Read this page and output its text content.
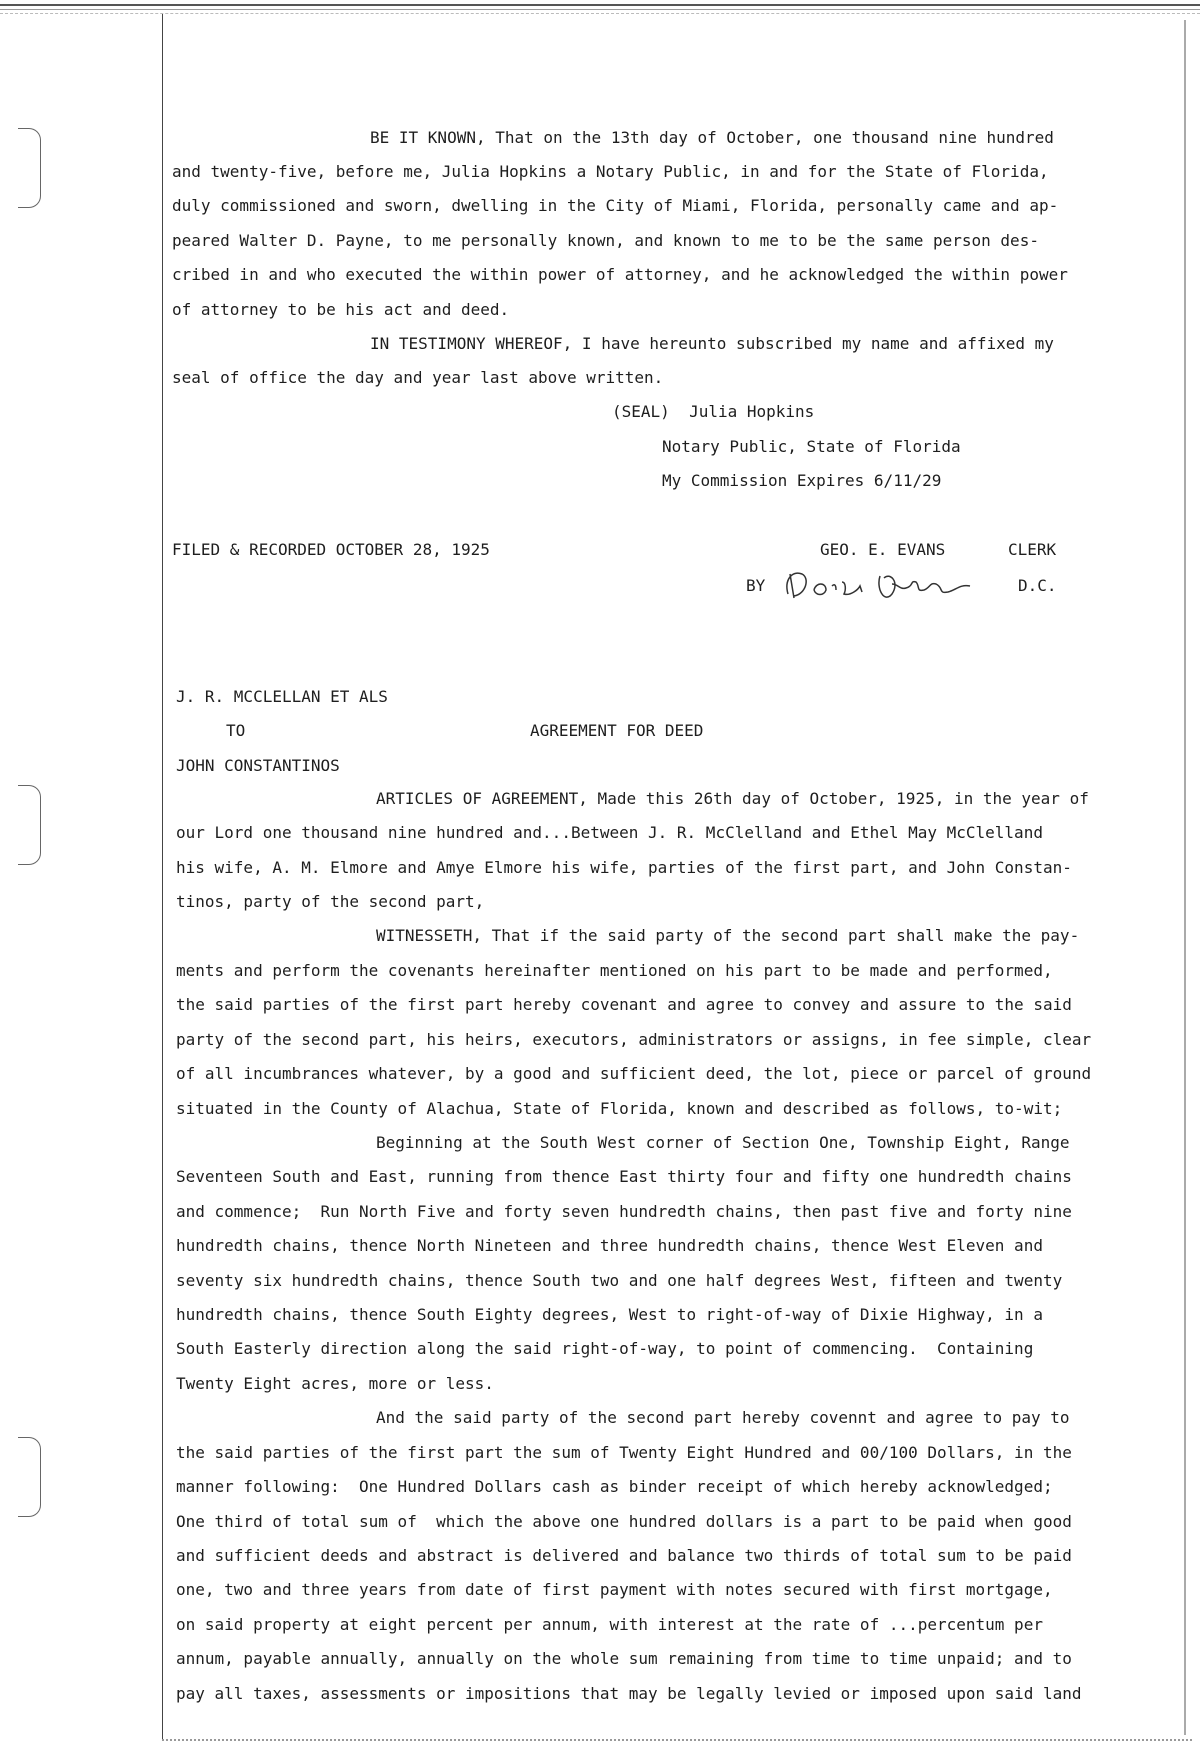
BE IT KNOWN, That on the 13th day of October, one thousand nine hundred
and twenty-five, before me, Julia Hopkins a Notary Public, in and for the State of Florida,
duly commissioned and sworn, dwelling in the City of Miami, Florida, personally came and ap-
peared Walter D. Payne, to me personally known, and known to me to be the same person des-
cribed in and who executed the within power of attorney, and he acknowledged the within power
of attorney to be his act and deed.
IN TESTIMONY WHEREOF, I have hereunto subscribed my name and affixed my
seal of office the day and year last above written.
(SEAL)  Julia Hopkins
Notary Public, State of Florida
My Commission Expires 6/11/29
FILED & RECORDED OCTOBER 28, 1925	GEO. E. EVANS	CLERK
BY	D.C.
J. R. MCCLELLAN ET ALS
TO	AGREEMENT FOR DEED
JOHN CONSTANTINOS
ARTICLES OF AGREEMENT, Made this 26th day of October, 1925, in the year of
our Lord one thousand nine hundred and...Between J. R. McClelland and Ethel May McClelland
his wife, A. M. Elmore and Amye Elmore his wife, parties of the first part, and John Constan-
tinos, party of the second part,
WITNESSETH, That if the said party of the second part shall make the pay-
ments and perform the covenants hereinafter mentioned on his part to be made and performed,
the said parties of the first part hereby covenant and agree to convey and assure to the said
party of the second part, his heirs, executors, administrators or assigns, in fee simple, clear
of all incumbrances whatever, by a good and sufficient deed, the lot, piece or parcel of ground
situated in the County of Alachua, State of Florida, known and described as follows, to-wit;
Beginning at the South West corner of Section One, Township Eight, Range
Seventeen South and East, running from thence East thirty four and fifty one hundredth chains
and commence;  Run North Five and forty seven hundredth chains, then past five and forty nine
hundredth chains, thence North Nineteen and three hundredth chains, thence West Eleven and
seventy six hundredth chains, thence South two and one half degrees West, fifteen and twenty
hundredth chains, thence South Eighty degrees, West to right-of-way of Dixie Highway, in a
South Easterly direction along the said right-of-way, to point of commencing.  Containing
Twenty Eight acres, more or less.
And the said party of the second part hereby covennt and agree to pay to
the said parties of the first part the sum of Twenty Eight Hundred and 00/100 Dollars, in the
manner following:  One Hundred Dollars cash as binder receipt of which hereby acknowledged;
One third of total sum of  which the above one hundred dollars is a part to be paid when good
and sufficient deeds and abstract is delivered and balance two thirds of total sum to be paid
one, two and three years from date of first payment with notes secured with first mortgage,
on said property at eight percent per annum, with interest at the rate of ...percentum per
annum, payable annually, annually on the whole sum remaining from time to time unpaid; and to
pay all taxes, assessments or impositions that may be legally levied or imposed upon said land
